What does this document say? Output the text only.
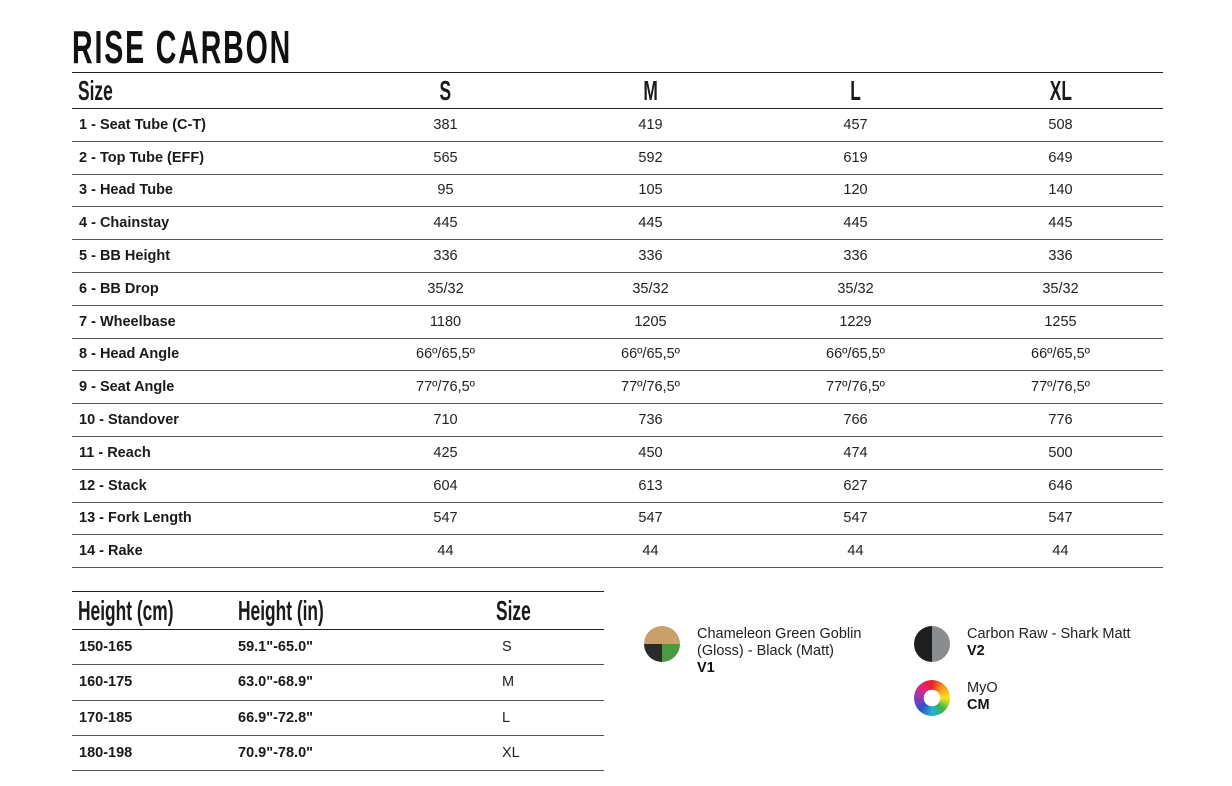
RISE CARBON
Size	S	M	L	XL
1 - Seat Tube (C-T)	381	419	457	508
2 - Top Tube (EFF)	565	592	619	649
3 - Head Tube	95	105	120	140
4 - Chainstay	445	445	445	445
5 - BB Height	336	336	336	336
6 - BB Drop	35/32	35/32	35/32	35/32
7 - Wheelbase	1180	1205	1229	1255
8 - Head Angle	66º/65,5º	66º/65,5º	66º/65,5º	66º/65,5º
9 - Seat Angle	77º/76,5º	77º/76,5º	77º/76,5º	77º/76,5º
10 - Standover	710	736	766	776
11 - Reach	425	450	474	500
12 - Stack	604	613	627	646
13 - Fork Length	547	547	547	547
14 - Rake	44	44	44	44
Height (cm)	Height (in)	Size
150-165	59.1"-65.0"	S
160-175	63.0"-68.9"	M
170-185	66.9"-72.8"	L
180-198	70.9"-78.0"	XL
Chameleon Green Goblin
(Gloss) - Black (Matt)
V1
Carbon Raw - Shark Matt
V2
MyO
CM
